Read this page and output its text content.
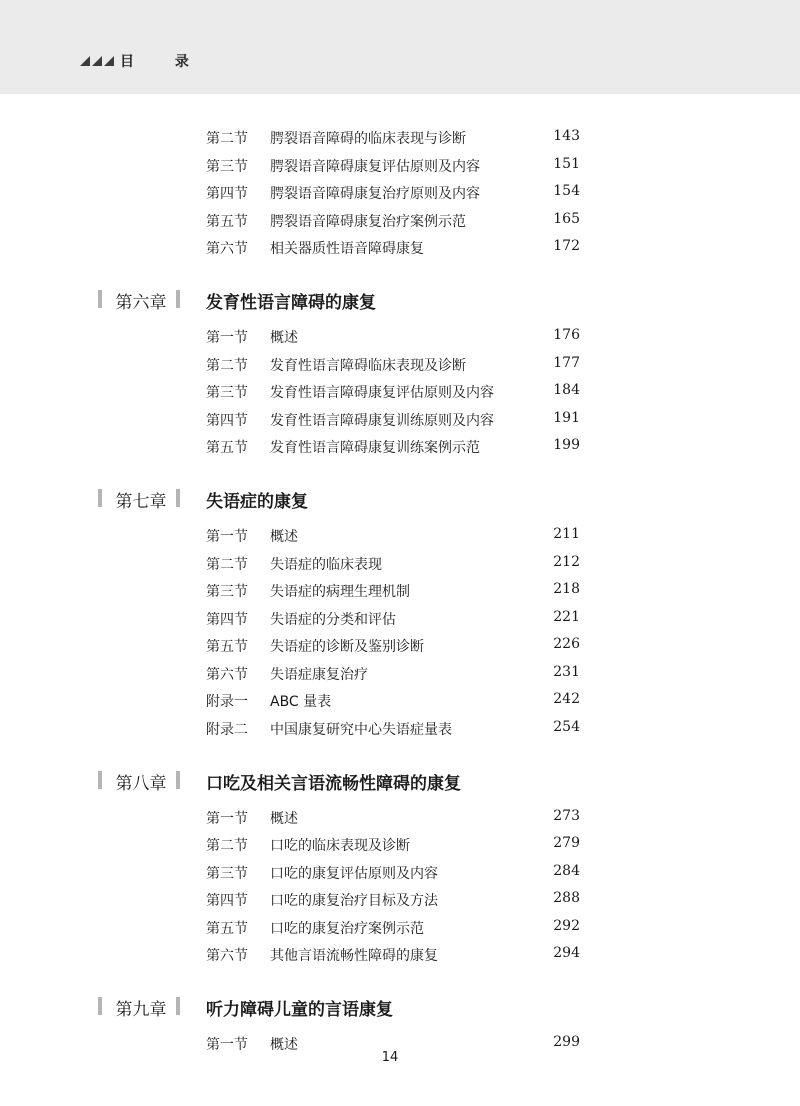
目 录
第二节	腭裂语音障碍的临床表现与诊断	143
第三节	腭裂语音障碍康复评估原则及内容	151
第四节	腭裂语音障碍康复治疗原则及内容	154
第五节	腭裂语音障碍康复治疗案例示范	165
第六节	相关器质性语音障碍康复	172
第六章	发育性语言障碍的康复
第一节	概述	176
第二节	发育性语言障碍临床表现及诊断	177
第三节	发育性语言障碍康复评估原则及内容	184
第四节	发育性语言障碍康复训练原则及内容	191
第五节	发育性语言障碍康复训练案例示范	199
第七章	失语症的康复
第一节	概述	211
第二节	失语症的临床表现	212
第三节	失语症的病理生理机制	218
第四节	失语症的分类和评估	221
第五节	失语症的诊断及鉴别诊断	226
第六节	失语症康复治疗	231
附录一	ABC 量表	242
附录二	中国康复研究中心失语症量表	254
第八章	口吃及相关言语流畅性障碍的康复
第一节	概述	273
第二节	口吃的临床表现及诊断	279
第三节	口吃的康复评估原则及内容	284
第四节	口吃的康复治疗目标及方法	288
第五节	口吃的康复治疗案例示范	292
第六节	其他言语流畅性障碍的康复	294
第九章	听力障碍儿童的言语康复
第一节	概述	299
14
